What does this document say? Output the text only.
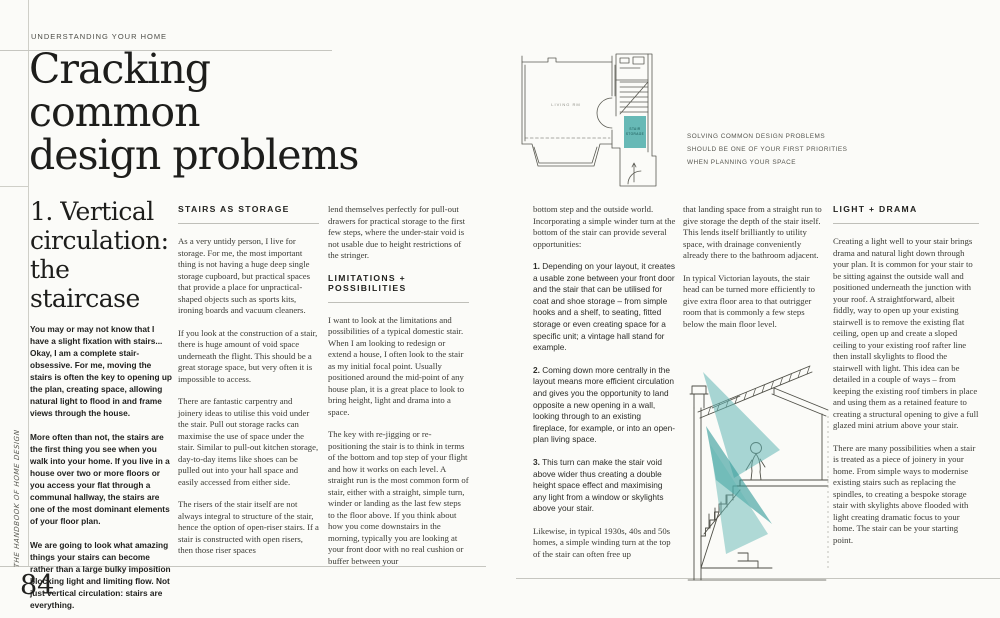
UNDERSTANDING YOUR HOME
Cracking
common
design problems
1. Vertical
circulation:
the staircase

You may or may not know that I have a slight fixation with stairs... Okay, I am a complete stair-obsessive. For me, moving the stairs is often the key to opening up the plan, creating space, allowing natural light to flood in and frame views through the house.

More often than not, the stairs are the first thing you see when you walk into your home. If you live in a house over two or more floors or you access your flat through a communal hallway, the stairs are one of the most dominant elements of your floor plan.

We are going to look what amazing things your stairs can become rather than a large bulky imposition blocking light and limiting flow. Not just vertical circulation: stairs are everything.

STAIRS AS STORAGE

As a very untidy person, I live for storage. For me, the most important thing is not having a huge deep single storage cupboard, but practical spaces that provide a place for unpractical-shaped objects such as sports kits, ironing boards and vacuum cleaners.

If you look at the construction of a stair, there is huge amount of void space underneath the flight. This should be a great storage space, but very often it is impossible to access.

There are fantastic carpentry and joinery ideas to utilise this void under the stair. Pull out storage racks can maximise the use of space under the stair. Similar to pull-out kitchen storage, day-to-day items like shoes can be pulled out into your hall space and easily accessed from either side.

The risers of the stair itself are not always integral to structure of the stair, hence the option of open-riser stairs. If a stair is constructed with open risers, then those riser spaces

lend themselves perfectly for pull-out drawers for practical storage to the first few steps, where the under-stair void is not usable due to height restrictions of the stringer.

LIMITATIONS + POSSIBILITIES

I want to look at the limitations and possibilities of a typical domestic stair. When I am looking to redesign or extend a house, I often look to the stair as my initial focal point. Usually positioned around the mid-point of any house plan, it is a great place to look to bring height, light and drama into a space.

The key with re-jigging or re-positioning the stair is to think in terms of the bottom and top step of your flight and how it works on each level. A straight run is the most common form of stair, either with a straight, simple turn, winder or landing as the last few steps to the floor above. If you think about how you come downstairs in the morning, typically you are looking at your front door with no real cushion or buffer between your

bottom step and the outside world. Incorporating a simple winder turn at the bottom of the stair can provide several opportunities:

1. Depending on your layout, it creates a usable zone between your front door and the stair that can be utilised for coat and shoe storage – from simple hooks and a shelf, to seating, fitted storage or even creating space for a specific unit; a vintage hall stand for example.

2. Coming down more centrally in the layout means more efficient circulation and gives you the opportunity to land opposite a new opening in a wall, looking through to an existing fireplace, for example, or into an open-plan living space.

3. This turn can make the stair void above wider thus creating a double height space effect and maximising any light from a window or skylights above your stair.

Likewise, in typical 1930s, 40s and 50s homes, a simple winding turn at the top of the stair can often free up

that landing space from a straight run to give storage the depth of the stair itself. This lends itself brilliantly to utility space, with drainage conveniently already there to the bathroom adjacent.

In typical Victorian layouts, the stair head can be turned more efficiently to give extra floor area to that outrigger room that is commonly a few steps below the main floor level.

LIGHT + DRAMA

Creating a light well to your stair brings drama and natural light down through your plan. It is common for your stair to be sitting against the outside wall and positioned underneath the junction with your roof. A straightforward, albeit fiddly, way to open up your existing stairwell is to remove the existing flat ceiling, open up and create a sloped ceiling to your existing roof rafter line then install skylights to flood the stairwell with light. This idea can be detailed in a couple of ways – from keeping the existing roof timbers in place and using them as a retained feature to creating a structural opening to give a full glazed mini atrium above your stair.

There are many possibilities when a stair is treated as a piece of joinery in your home. From simple ways to modernise existing stairs such as replacing the spindles, to creating a bespoke storage stair with skylights above flooded with light creating dramatic focus to your home. The stair can be your starting point.

STAIR
STORAGE
LIVING RM
SOLVING COMMON DESIGN PROBLEMS
SHOULD BE ONE OF YOUR FIRST PRIORITIES
WHEN PLANNING YOUR SPACE
THE HANDBOOK OF HOME DESIGN
84
